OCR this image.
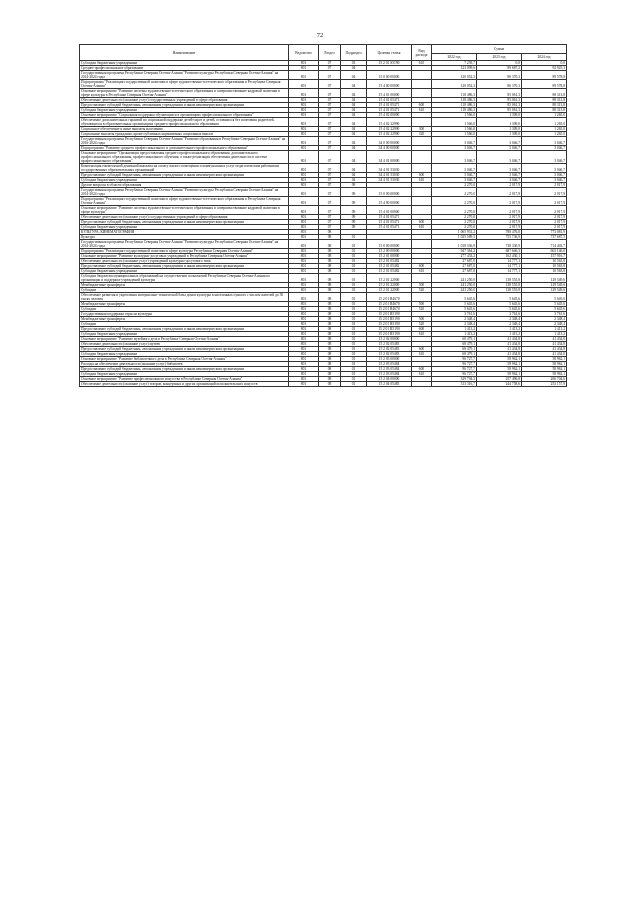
72
Наименование	Ведомство	Раздел	Подраздел	Целевая статья	Вид расхода	Сумма		
						2022 год	2023 год	2024 год
Субсидии бюджетным учреждениям	801	07	03	15 2 01 S5190	610	7 239,7	0,0	0,0
Среднее профессиональное образование	801	07	04			123 099,6	89 687,2	92 925,3
Государственная программа Республики Северная Осетия-Алания "Развитие культуры Республики Северная Осетия-Алания" на 2014-2024 годы	801	07	04	15 0 00 00000		120 052,3	86 370,3	89 578,8
Подпрограмма "Реализация государственной политики в сфере художественно-эстетического образования в Республике Северная Осетия-Алания"	801	07	04	15 4 00 00000		120 052,3	86 370,3	89 578,8
Основное мероприятие "Развитие системы художественно-эстетического образования и совершенствование кадровой политики в сфере культуры в Республике Северная Осетия-Алания"	801	07	04	15 4 01 00000		118 486,3	85 061,3	88 313,8
Обеспечение деятельности (оказание услуг) государственных учреждений в сфере образования	801	07	04	15 4 01 05471		118 486,3	85 061,3	88 313,8
Предоставление субсидий бюджетным, автономным учреждениям и иным некоммерческим организациям	801	07	04	15 4 01 05471	600	118 486,3	85 061,3	88 313,8
Субсидии бюджетным учреждениям	801	07	04	15 4 01 05471	610	118 486,3	85 061,3	88 313,8
Основное мероприятие "Социальная поддержка обучающихся в организациях профессионального образования"	801	07	04	15 4 02 00000		1 566,0	1 309,0	1 265,0
Обеспечение дополнительных гарантий по социальной поддержке детей-сирот и детей, оставшихся без попечения родителей, обучающихся в образовательных организациях среднего профессионального образования	801	07	04	15 4 02 22990		1 566,0	1 309,0	1 265,0
Социальное обеспечение и иные выплаты населению	801	07	04	15 4 02 22990	300	1 566,0	1 309,0	1 265,0
Социальные выплаты гражданам, кроме публичных нормативных социальных выплат	801	07	04	15 4 02 22990	320	1 566,0	1 309,0	1 265,0
Государственная программа Республики Северная Осетия-Алания "Развитие образования в Республике Северная Осетия-Алания" на 2016-2024 годы	801	07	04	34 0 00 00000		3 046,7	3 046,7	3 046,7
Подпрограмма "Развитие среднего профессионального и дополнительного профессионального образования"	801	07	04	34 4 00 00000		3 046,7	3 046,7	3 046,7
Основное мероприятие "Организация предоставления среднего профессионального образования, дополнительного профессионального образования, профессионального обучения, а также реализация обеспечения деятельности в системе профессионального образования"	801	07	04	34 4 01 00000		3 046,7	3 046,7	3 046,7
Компенсация ежемесячной денежной выплаты на оплату жилого помещения и коммунальных услуг педагогическим работникам государственных образовательных организаций	801	07	04	34 4 01 53030		3 046,7	3 046,7	3 046,7
Предоставление субсидий бюджетным, автономным учреждениям и иным некоммерческим организациям	801	07	04	34 4 01 53030	600	3 046,7	3 046,7	3 046,7
Субсидии бюджетным учреждениям	801	07	04	34 4 01 53030	610	3 046,7	3 046,7	3 046,7
Другие вопросы в области образования	801	07	09			2 270,0	2 017,9	2 017,9
Государственная программа Республики Северная Осетия-Алания "Развитие культуры Республики Северная Осетия-Алания" на 2014-2024 годы	801	07	09	15 0 00 00000		2 270,0	2 017,9	2 017,9
Подпрограмма "Реализация государственной политики в сфере художественно-эстетического образования в Республике Северная Осетия-Алания"	801	07	09	15 4 00 00000		2 270,0	2 017,9	2 017,9
Основное мероприятие "Развитие системы художественно-эстетического образования и совершенствование кадровой политики в сфере культуры"	801	07	09	15 4 01 00000		2 270,0	2 017,9	2 017,9
Обеспечение деятельности (оказание услуг) государственных учреждений в сфере образования	801	07	09	15 4 01 05471		2 270,0	2 017,9	2 017,9
Предоставление субсидий бюджетным, автономным учреждениям и иным некоммерческим организациям	801	07	09	15 4 01 05471	600	2 270,0	2 017,9	2 017,9
Субсидии бюджетным учреждениям	801	07	09	15 4 01 05471	610	2 270,0	2 017,9	2 017,9
КУЛЬТУРА, КИНЕМАТОГРАФИЯ	801	08				1 065 931,2	788 476,0	773 081,9
Культура	801	08	01			1 025 589,5	755 736,9	737 687,5
Государственная программа Республики Северная Осетия-Алания "Развитие культуры Республики Северная Осетия-Алания" на 2014-2024 годы	801	08	01	15 0 00 00000		1 018 336,9	738 330,9	714 403,7
Подпрограмма "Реализация государственной политики в сфере культуры Республики Северная Осетия-Алания"	801	08	01	15 2 00 00000		947 364,2	687 646,3	663 146,0
Основное мероприятие "Развитие культурно-досуговых учреждений в Республике Северная Осетия-Алания"	801	08	01	15 2 01 00000		277 433,2	162 430,1	157 916,7
Обеспечение деятельности (оказание услуг) учреждений культурно-досугового типа	801	08	01	15 2 01 05482		27 687,0	14 777,1	10 563,8
Предоставление субсидий бюджетным, автономным учреждениям и иным некоммерческим организациям	801	08	01	15 2 01 05482	600	27 687,0	14 777,1	10 563,8
Субсидии бюджетным учреждениям	801	08	01	15 2 01 05482	610	27 687,0	14 777,1	10 563,8
Субсидии бюджетам муниципальных образований на осуществление полномочий Республики Северная Осетия-Алания по организации и поддержке учреждений культуры	801	08	01	15 2 01 22000		241 250,0	138 555,8	129 549,6
Межбюджетные трансферты	801	08	01	15 2 01 22000	500	241 250,0	138 555,8	129 549,6
Субсидии	801	08	01	15 2 01 22000	520	241 250,0	138 555,8	129 549,6
Обеспечение развития и укрепления материально-технической базы домов культуры в населенных пунктах с числом жителей до 50 тысяч человек	801	08	01	15 2 01 R4670		5 645,6	5 645,6	5 645,6
Межбюджетные трансферты	801	08	01	15 2 01 R4670	500	5 645,6	5 645,6	5 645,6
Субсидии	801	08	01	15 2 01 R4670	520	5 645,6	5 645,6	5 645,6
Государственная поддержка отрасли культуры	801	08	01	15 2 01 R5190		3 761,6	3 761,6	3 761,6
Межбюджетные трансферты	801	08	01	15 2 01 R5190	500	2 348,4	2 348,4	2 348,4
Субсидии	801	08	01	15 2 01 R5190	520	2 348,4	2 348,4	2 348,4
Предоставление субсидий бюджетным, автономным учреждениям и иным некоммерческим организациям	801	08	01	15 2 01 R5190	600	1 413,2	1 413,2	1 413,2
Субсидии бюджетным учреждениям	801	08	01	15 2 01 R5190	610	1 413,2	1 413,2	1 413,2
Основное мероприятие "Развитие музейного дела в Республике Северная Осетия-Алания"	801	08	01	15 2 02 00000		68 479,1	41 434,8	41 434,8
Обеспечение деятельности (оказание услуг) музеев	801	08	01	15 2 02 05483		68 479,1	41 434,8	41 434,8
Предоставление субсидий бюджетным, автономным учреждениям и иным некоммерческим организациям	801	08	01	15 2 02 05483	600	68 479,1	41 434,8	41 434,8
Субсидии бюджетным учреждениям	801	08	01	15 2 02 05483	610	68 479,1	41 434,8	41 434,8
Основное мероприятие "Развитие библиотечного дела в Республике Северная Осетия-Алания"	801	08	01	15 2 03 00000		96 727,7	58 962,1	58 962,1
Расходы на обеспечение деятельности (оказание услуг) библиотек	801	08	01	15 2 03 05484		96 727,7	58 962,1	58 962,1
Предоставление субсидий бюджетным, автономным учреждениям и иным некоммерческим организациям	801	08	01	15 2 03 05484	600	96 727,7	58 962,1	58 962,1
Субсидии бюджетным учреждениям	801	08	01	15 2 03 05484	610	96 727,7	58 962,1	58 962,1
Основное мероприятие "Развитие профессионального искусства в Республике Северная Осетия-Алания"	801	08	01	15 2 04 00000		329 794,3	257 496,8	266 704,6
Обеспечение деятельности (оказание услуг) театров, концертных и других организаций исполнительских искусств	801	08	01	15 2 04 05485		313 316,7	244 758,6	253 157,9
